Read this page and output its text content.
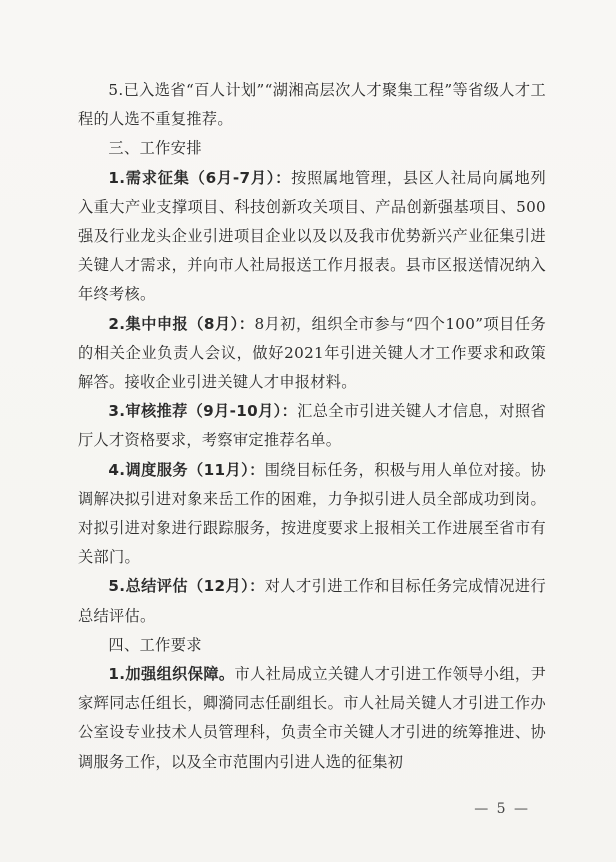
5.已入选省“百人计划”“湖湘高层次人才聚集工程”等省级人才工程的人选不重复推荐。

三、工作安排

1.需求征集（6月-7月）：按照属地管理，县区人社局向属地列入重大产业支撑项目、科技创新攻关项目、产品创新强基项目、500强及行业龙头企业引进项目企业以及以及我市优势新兴产业征集引进关键人才需求，并向市人社局报送工作月报表。县市区报送情况纳入年终考核。

2.集中申报（8月）：8月初，组织全市参与“四个100”项目任务的相关企业负责人会议，做好2021年引进关键人才工作要求和政策解答。接收企业引进关键人才申报材料。

3.审核推荐（9月-10月）：汇总全市引进关键人才信息，对照省厅人才资格要求，考察审定推荐名单。

4.调度服务（11月）：围绕目标任务，积极与用人单位对接。协调解决拟引进对象来岳工作的困难，力争拟引进人员全部成功到岗。对拟引进对象进行跟踪服务，按进度要求上报相关工作进展至省市有关部门。

5.总结评估（12月）：对人才引进工作和目标任务完成情况进行总结评估。

四、工作要求

1.加强组织保障。市人社局成立关键人才引进工作领导小组，尹家辉同志任组长，卿漪同志任副组长。市人社局关键人才引进工作办公室设专业技术人员管理科，负责全市关键人才引进的统筹推进、协调服务工作，以及全市范围内引进人选的征集初

— 5 —
